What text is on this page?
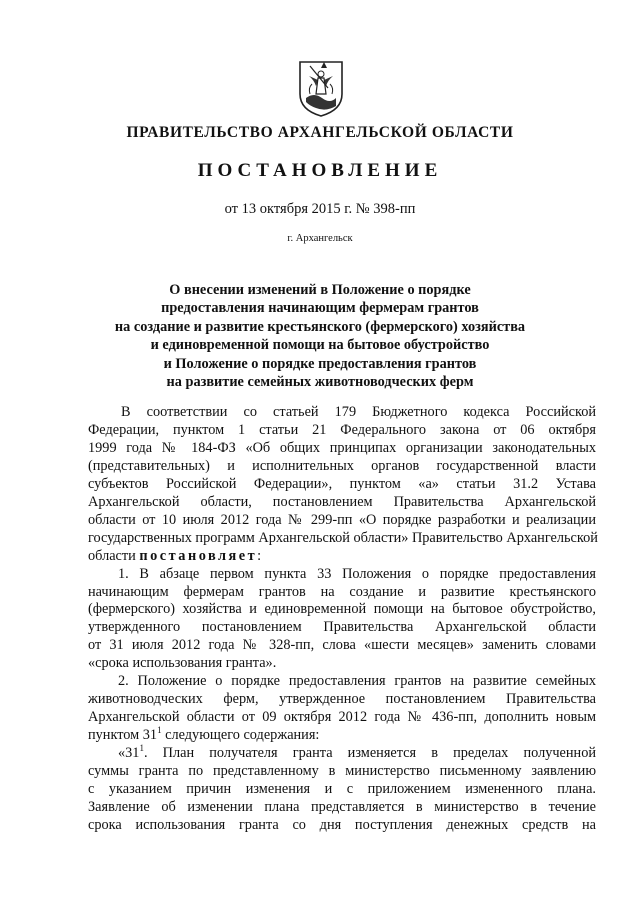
ПРАВИТЕЛЬСТВО АРХАНГЕЛЬСКОЙ ОБЛАСТИ
ПОСТАНОВЛЕНИЕ
от 13 октября 2015 г. № 398-пп
г. Архангельск
О внесении изменений в Положение о порядке
предоставления начинающим фермерам грантов
на создание и развитие крестьянского (фермерского) хозяйства
и единовременной помощи на бытовое обустройство
и Положение о порядке предоставления грантов
на развитие семейных животноводческих ферм
В соответствии со статьей 179 Бюджетного кодекса Российской
Федерации, пунктом 1 статьи 21 Федерального закона от 06 октября
1999 года № 184-ФЗ «Об общих принципах организации законодательных
(представительных) и исполнительных органов государственной власти
субъектов Российской Федерации», пунктом «а» статьи 31.2 Устава
Архангельской области, постановлением Правительства Архангельской
области от 10 июля 2012 года № 299-пп «О порядке разработки и реализации
государственных программ Архангельской области» Правительство Архангельской
области постановляет:
1. В абзаце первом пункта 33 Положения о порядке предоставления
начинающим фермерам грантов на создание и развитие крестьянского
(фермерского) хозяйства и единовременной помощи на бытовое обустройство,
утвержденного постановлением Правительства Архангельской области
от 31 июля 2012 года № 328-пп, слова «шести месяцев» заменить словами
«срока использования гранта».
2. Положение о порядке предоставления грантов на развитие семейных
животноводческих ферм, утвержденное постановлением Правительства
Архангельской области от 09 октября 2012 года № 436-пп, дополнить новым
пунктом $31^1$ следующего содержания:
«$31^1$. План получателя гранта изменяется в пределах полученной
суммы гранта по представленному в министерство письменному заявлению
с указанием причин изменения и с приложением измененного плана.
Заявление об изменении плана представляется в министерство в течение
срока использования гранта со дня поступления денежных средств на
